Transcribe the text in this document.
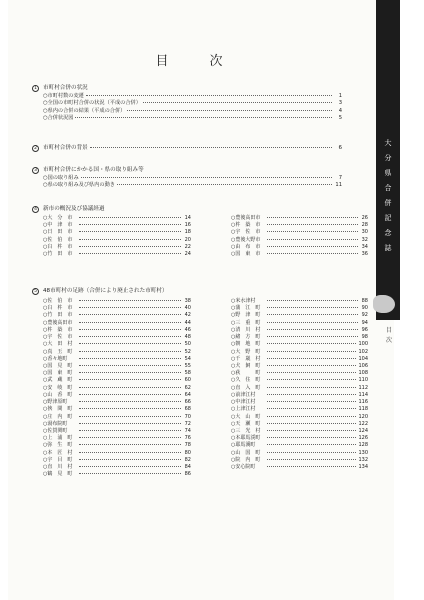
目　次
1	市町村合併の状況
○市町村数の変遷	1
○全国の市町村合併の状況（平成の合併）	3
○県内の合併の結果（平成の合併）	4
○合併状況図	5
2	市町村合併の背景	6
3	市町村合併にかかる国・県の取り組み等
○国の取り組み	7
○県の取り組み及び県内の動き	11
4	新市の概況及び協議経過
○大　分　市	14
○中　津　市	16
○日　田　市	18
○佐　伯　市	20
○臼　杵　市	22
○竹　田　市	24
○豊後高田市	26
○杵　築　市	28
○宇　佐　市	30
○豊後大野市	32
○由　布　市	34
○国　東　市	36
5	48市町村の足跡（合併により廃止された市町村）
○佐　伯　市	38
○臼　杵　市	40
○竹　田　市	42
○豊後高田市	44
○杵　築　市	46
○宇　佐　市	48
○大　田　村	50
○真　玉　町	52
○香々地町	54
○国　見　町	55
○国　東　町	58
○武　蔵　町	60
○安　岐　町	62
○山　香　町	64
○野津原町	66
○挾　間　町	68
○庄　内　町	70
○湯布院町	72
○佐賀関町	74
○上　浦　町	76
○弥　生　町	78
○本　匠　村	80
○宇　目　町	82
○直　川　村	84
○鶴　見　町	86
○米水津村	88
○蒲　江　町	90
○野　津　町	92
○三　重　町	94
○清　川　村	96
○緒　方　町	98
○朝　地　町	100
○大　野　町	102
○千　歳　村	104
○犬　飼　町	106
○荻　　　町	108
○久　住　町	110
○直　入　町	112
○前津江村	114
○中津江村	116
○上津江村	118
○大　山　町	120
○天　瀬　町	122
○三　光　村	124
○本耶馬渓町	126
○耶馬溪町	128
○山　国　町	130
○院　内　町	132
○安心院町	134
大
分
県
合
併
記
念
誌
目
次
